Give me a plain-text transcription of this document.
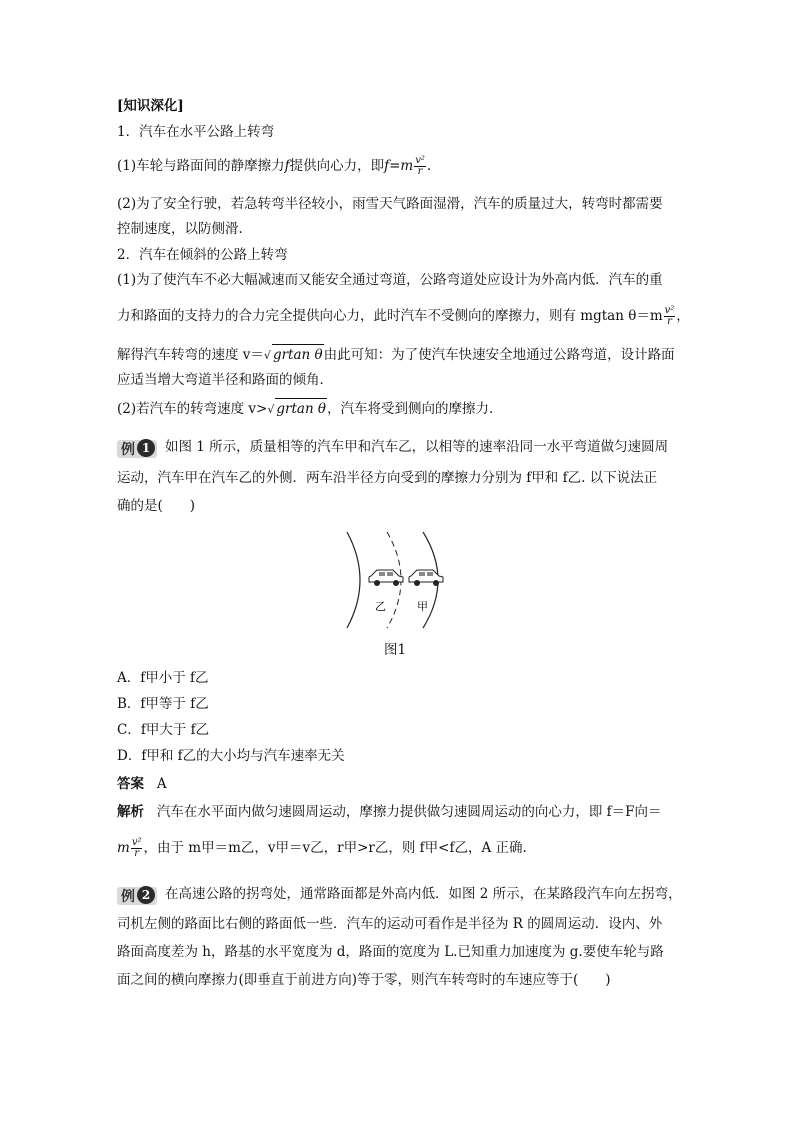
[知识深化]
1．汽车在水平公路上转弯
(1)车轮与路面间的静摩擦力f提供向心力，即$f=m \frac{\text{v²}}{r}$ .
(2)为了安全行驶，若急转弯半径较小，雨雪天气路面湿滑，汽车的质量过大，转弯时都需要
控制速度，以防侧滑.
2．汽车在倾斜的公路上转弯
(1)为了使汽车不必大幅减速而又能安全通过弯道，公路弯道处应设计为外高内低．汽车的重
力和路面的支持力的合力完全提供向心力，此时汽车不受侧向的摩擦力，则有 mgtan $\theta=m \frac{\text{v²}}{r}$ ，
解得汽车转弯的速度 v＝√ grtan θ由此可知：为了使汽车快速安全地通过公路弯道，设计路面
应适当增大弯道半径和路面的倾角．
(2)若汽车的转弯速度 v>√ grtan θ，汽车将受到侧向的摩擦力．
例 1	如图 1 所示，质量相等的汽车甲和汽车乙，以相等的速率沿同一水平弯道做匀速圆周
运动，汽车甲在汽车乙的外侧．两车沿半径方向受到的摩擦力分别为 f甲和 f乙. 以下说法正
确的是(　　)
乙	甲
图1
A．f甲小于 f乙
B．f甲等于 f乙
C．f甲大于 f乙
D．f甲和 f乙的大小均与汽车速率无关
答案 A
解析 汽车在水平面内做匀速圆周运动，摩擦力提供做匀速圆周运动的向心力，即 f＝F向＝
m $\frac{\text{v²}}{r}$ ，由于 m甲＝m乙，v甲＝v乙，r甲>r乙，则 f甲<f乙，A 正确.
例 2	在高速公路的拐弯处，通常路面都是外高内低．如图 2 所示，在某路段汽车向左拐弯，
司机左侧的路面比右侧的路面低一些．汽车的运动可看作是半径为 R 的圆周运动．设内、外
路面高度差为 h，路基的水平宽度为 d，路面的宽度为 L.已知重力加速度为 g.要使车轮与路
面之间的横向摩擦力(即垂直于前进方向)等于零，则汽车转弯时的车速应等于(　　)
